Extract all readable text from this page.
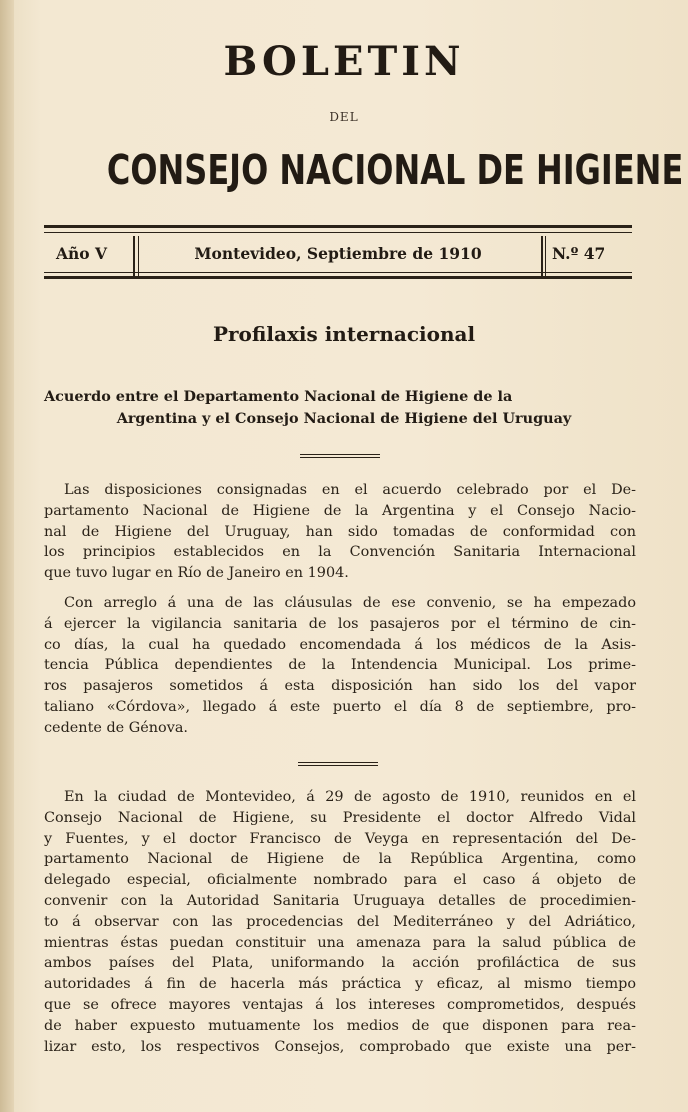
BOLETIN
DEL
CONSEJO NACIONAL DE HIGIENE
Año V	Montevideo, Septiembre de 1910	N.º 47
Profilaxis internacional
Acuerdo entre el Departamento Nacional de Higiene de la
Argentina y el Consejo Nacional de Higiene del Uruguay
Las disposiciones consignadas en el acuerdo celebrado por el De-
partamento Nacional de Higiene de la Argentina y el Consejo Nacio-
nal de Higiene del Uruguay, han sido tomadas de conformidad con
los principios establecidos en la Convención Sanitaria Internacional
que tuvo lugar en Río de Janeiro en 1904.
Con arreglo á una de las cláusulas de ese convenio, se ha empezado
á ejercer la vigilancia sanitaria de los pasajeros por el término de cin-
co días, la cual ha quedado encomendada á los médicos de la Asis-
tencia Pública dependientes de la Intendencia Municipal. Los prime-
ros pasajeros sometidos á esta disposición han sido los del vapor
taliano «Córdova», llegado á este puerto el día 8 de septiembre, pro-
cedente de Génova.
En la ciudad de Montevideo, á 29 de agosto de 1910, reunidos en el
Consejo Nacional de Higiene, su Presidente el doctor Alfredo Vidal
y Fuentes, y el doctor Francisco de Veyga en representación del De-
partamento Nacional de Higiene de la República Argentina, como
delegado especial, oficialmente nombrado para el caso á objeto de
convenir con la Autoridad Sanitaria Uruguaya detalles de procedimien-
to á observar con las procedencias del Mediterráneo y del Adriático,
mientras éstas puedan constituir una amenaza para la salud pública de
ambos países del Plata, uniformando la acción profiláctica de sus
autoridades á fin de hacerla más práctica y eficaz, al mismo tiempo
que se ofrece mayores ventajas á los intereses comprometidos, después
de haber expuesto mutuamente los medios de que disponen para rea-
lizar esto, los respectivos Consejos, comprobado que existe una per-
